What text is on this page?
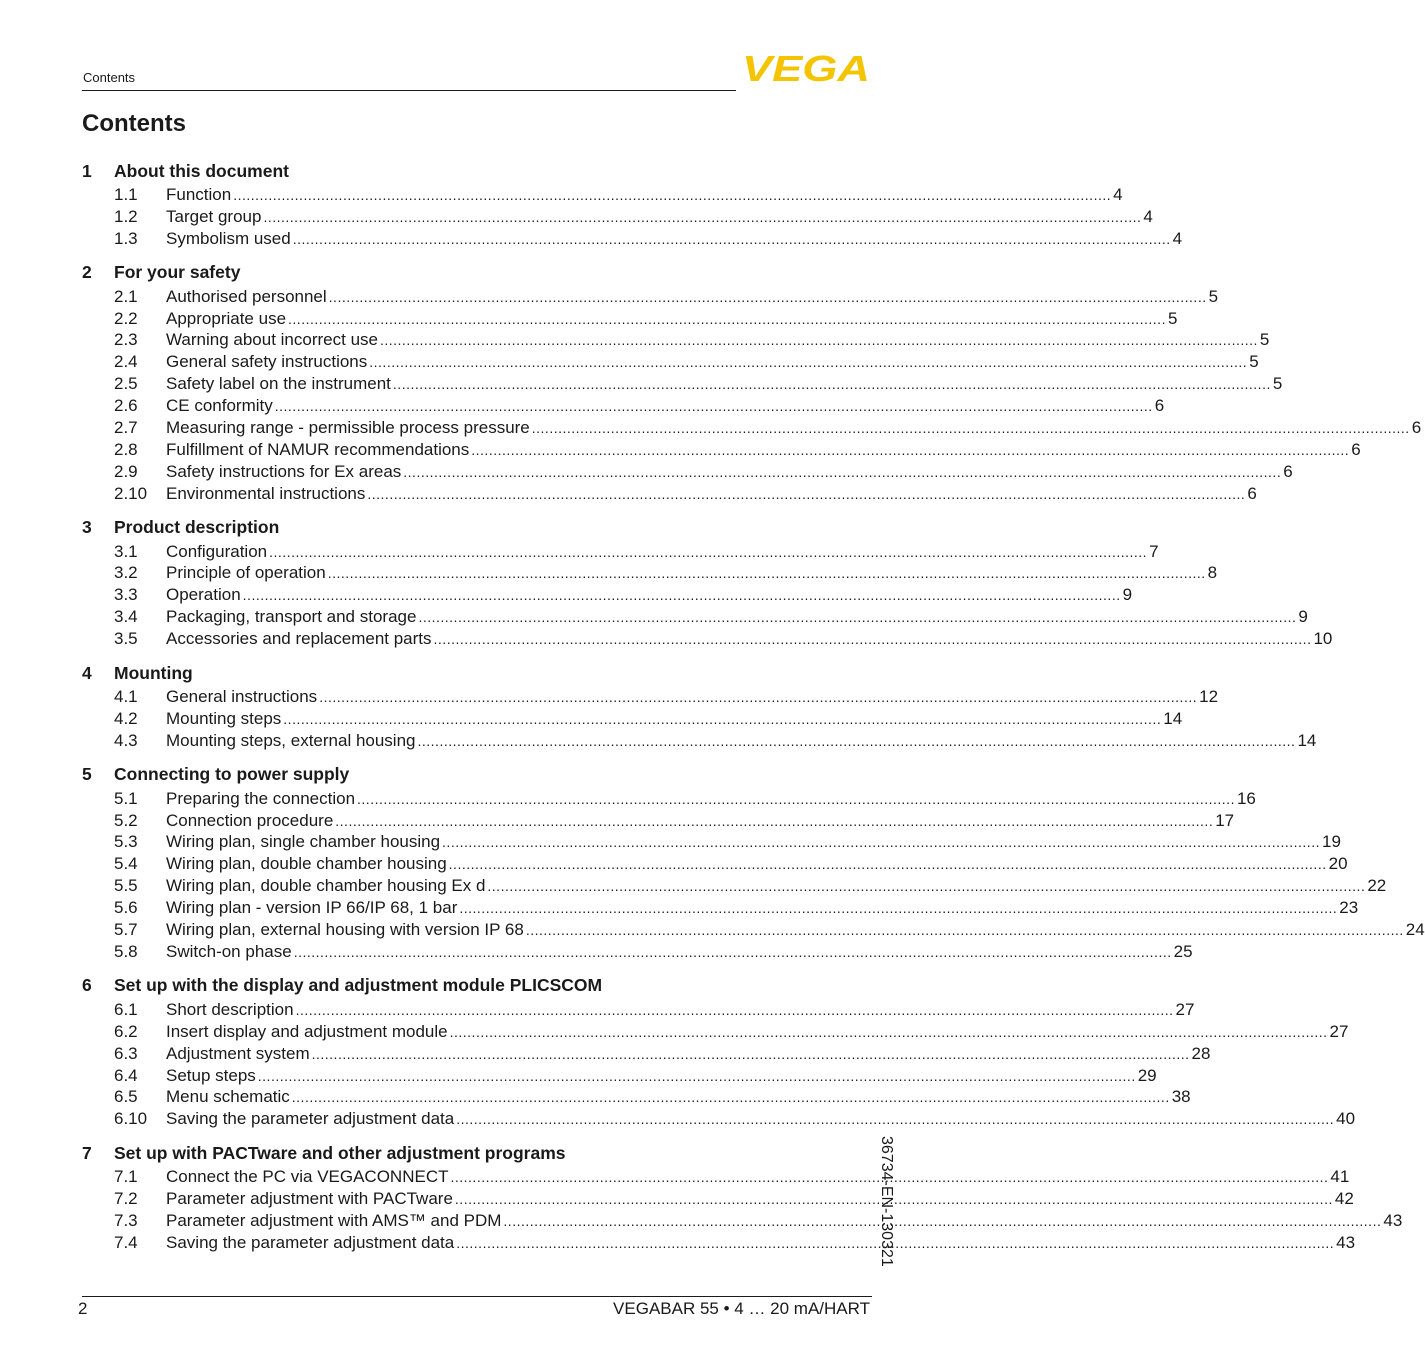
Contents	VEGA
Contents
1	About this document
1.1	Function ........................................................................................................................................................................................................ 4
1.2	Target group ........................................................................................................................................................................................................ 4
1.3	Symbolism used ........................................................................................................................................................................................................ 4
2	For your safety
2.1	Authorised personnel ........................................................................................................................................................................................................ 5
2.2	Appropriate use ........................................................................................................................................................................................................ 5
2.3	Warning about incorrect use ........................................................................................................................................................................................................ 5
2.4	General safety instructions ........................................................................................................................................................................................................ 5
2.5	Safety label on the instrument ........................................................................................................................................................................................................ 5
2.6	CE conformity ........................................................................................................................................................................................................ 6
2.7	Measuring range - permissible process pressure ........................................................................................................................................................................................................ 6
2.8	Fulfillment of NAMUR recommendations ........................................................................................................................................................................................................ 6
2.9	Safety instructions for Ex areas ........................................................................................................................................................................................................ 6
2.10	Environmental instructions ........................................................................................................................................................................................................ 6
3	Product description
3.1	Configuration ........................................................................................................................................................................................................ 7
3.2	Principle of operation ........................................................................................................................................................................................................ 8
3.3	Operation ........................................................................................................................................................................................................ 9
3.4	Packaging, transport and storage ........................................................................................................................................................................................................ 9
3.5	Accessories and replacement parts ........................................................................................................................................................................................................ 10
4	Mounting
4.1	General instructions ........................................................................................................................................................................................................ 12
4.2	Mounting steps ........................................................................................................................................................................................................ 14
4.3	Mounting steps, external housing ........................................................................................................................................................................................................ 14
5	Connecting to power supply
5.1	Preparing the connection ........................................................................................................................................................................................................ 16
5.2	Connection procedure ........................................................................................................................................................................................................ 17
5.3	Wiring plan, single chamber housing ........................................................................................................................................................................................................ 19
5.4	Wiring plan, double chamber housing ........................................................................................................................................................................................................ 20
5.5	Wiring plan, double chamber housing Ex d ........................................................................................................................................................................................................ 22
5.6	Wiring plan - version IP 66/IP 68, 1 bar ........................................................................................................................................................................................................ 23
5.7	Wiring plan, external housing with version IP 68 ........................................................................................................................................................................................................ 24
5.8	Switch-on phase ........................................................................................................................................................................................................ 25
6	Set up with the display and adjustment module PLICSCOM
6.1	Short description ........................................................................................................................................................................................................ 27
6.2	Insert display and adjustment module ........................................................................................................................................................................................................ 27
6.3	Adjustment system ........................................................................................................................................................................................................ 28
6.4	Setup steps ........................................................................................................................................................................................................ 29
6.5	Menu schematic ........................................................................................................................................................................................................ 38
6.10	Saving the parameter adjustment data ........................................................................................................................................................................................................ 40
7	Set up with PACTware and other adjustment programs
7.1	Connect the PC via VEGACONNECT ........................................................................................................................................................................................................ 41
7.2	Parameter adjustment with PACTware ........................................................................................................................................................................................................ 42
7.3	Parameter adjustment with AMS™ and PDM ........................................................................................................................................................................................................ 43
7.4	Saving the parameter adjustment data ........................................................................................................................................................................................................ 43
36734-EN-130321
2	VEGABAR 55 • 4 … 20 mA/HART
